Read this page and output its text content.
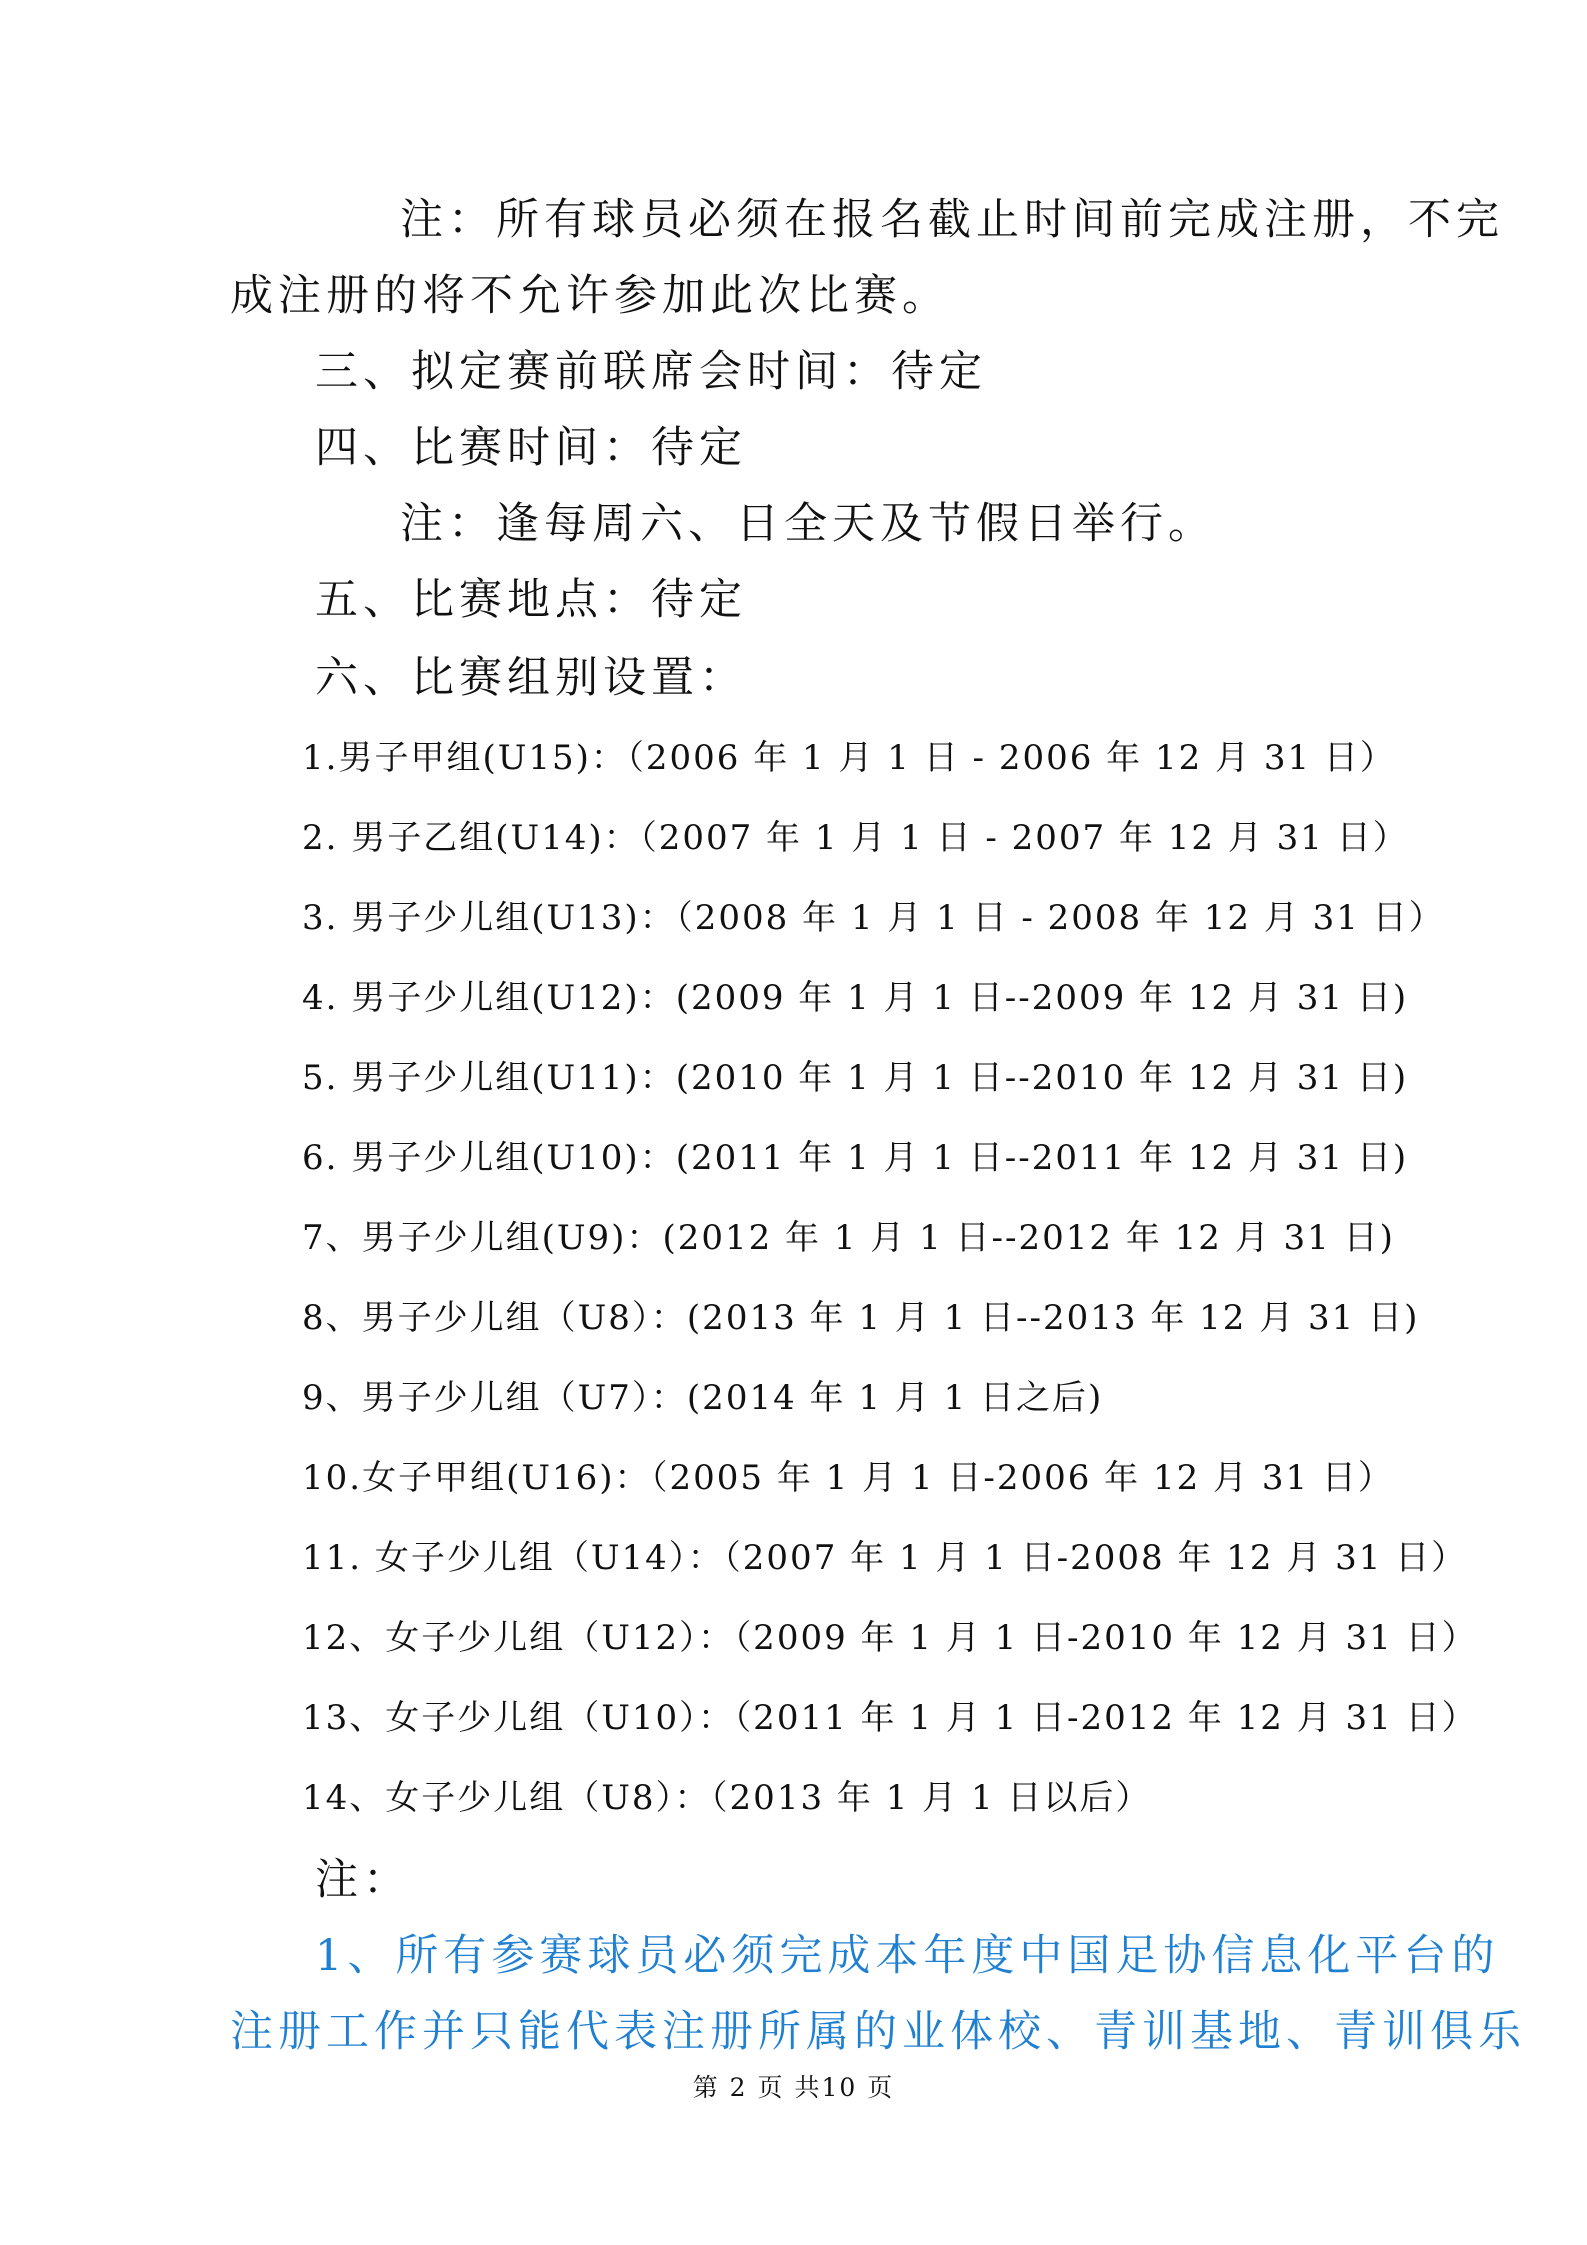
注：所有球员必须在报名截止时间前完成注册，不完
成注册的将不允许参加此次比赛。
三、拟定赛前联席会时间：待定
四、比赛时间：待定
注：逢每周六、日全天及节假日举行。
五、比赛地点：待定
六、比赛组别设置：
1.男子甲组(U15)：（2006 年 1 月 1 日 - 2006 年 12 月 31 日）
2. 男子乙组(U14)：（2007 年 1 月 1 日 - 2007 年 12 月 31 日）
3. 男子少儿组(U13)：（2008 年 1 月 1 日 - 2008 年 12 月 31 日）
4. 男子少儿组(U12)：(2009 年 1 月 1 日--2009 年 12 月 31 日)
5. 男子少儿组(U11)：(2010 年 1 月 1 日--2010 年 12 月 31 日)
6. 男子少儿组(U10)：(2011 年 1 月 1 日--2011 年 12 月 31 日)
7、男子少儿组(U9)：(2012 年 1 月 1 日--2012 年 12 月 31 日)
8、男子少儿组（U8）：(2013 年 1 月 1 日--2013 年 12 月 31 日)
9、男子少儿组（U7）：(2014 年 1 月 1 日之后)
10.女子甲组(U16)：（2005 年 1 月 1 日-2006 年 12 月 31 日）
11. 女子少儿组（U14）：（2007 年 1 月 1 日-2008 年 12 月 31 日）
12、女子少儿组（U12）：（2009 年 1 月 1 日-2010 年 12 月 31 日）
13、女子少儿组（U10）：（2011 年 1 月 1 日-2012 年 12 月 31 日）
14、女子少儿组（U8）：（2013 年 1 月 1 日以后）
注：
1、所有参赛球员必须完成本年度中国足协信息化平台的
注册工作并只能代表注册所属的业体校、青训基地、青训俱乐
第 2 页 共10 页
